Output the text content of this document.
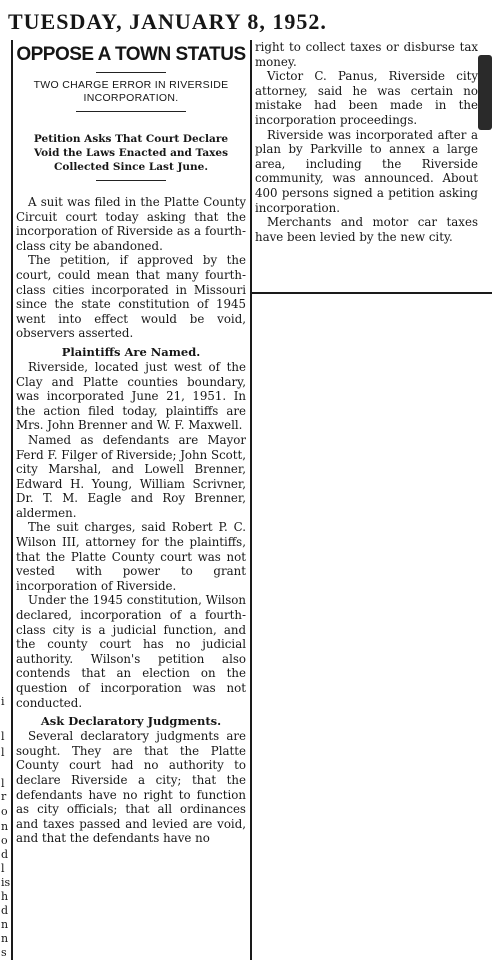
TUESDAY, JANUARY 8, 1952.
i
l
l
l
r
o
n
o
d
l
is
h
d
n
n
s
OPPOSE A TOWN STATUS
TWO CHARGE ERROR IN RIVERSIDE INCORPORATION.
Petition Asks That Court Declare Void the Laws Enacted and Taxes Collected Since Last June.

A suit was filed in the Platte County Circuit court today asking that the incorporation of Riverside as a fourth-class city be abandoned.

The petition, if approved by the court, could mean that many fourth-class cities incorporated in Missouri since the state constitution of 1945 went into effect would be void, observers asserted.

Plaintiffs Are Named.

Riverside, located just west of the Clay and Platte counties boundary, was incorporated June 21, 1951. In the action filed today, plaintiffs are Mrs. John Brenner and W. F. Maxwell.

Named as defendants are Mayor Ferd F. Filger of Riverside; John Scott, city Marshal, and Lowell Brenner, Edward H. Young, William Scrivner, Dr. T. M. Eagle and Roy Brenner, aldermen.

The suit charges, said Robert P. C. Wilson III, attorney for the plaintiffs, that the Platte County court was not vested with power to grant incorporation of Riverside.

Under the 1945 constitution, Wilson declared, incorporation of a fourth-class city is a judicial function, and the county court has no judicial authority. Wilson's petition also contends that an election on the question of incorporation was not conducted.

Ask Declaratory Judgments.

Several declaratory judgments are sought. They are that the Platte County court had no authority to declare Riverside a city; that the defendants have no right to function as city officials; that all ordinances and taxes passed and levied are void, and that the defendants have no

right to collect taxes or disburse tax money.

Victor C. Panus, Riverside city attorney, said he was certain no mistake had been made in the incorporation proceedings.

Riverside was incorporated after a plan by Parkville to annex a large area, including the Riverside community, was announced. About 400 persons signed a petition asking incorporation.

Merchants and motor car taxes have been levied by the new city.
